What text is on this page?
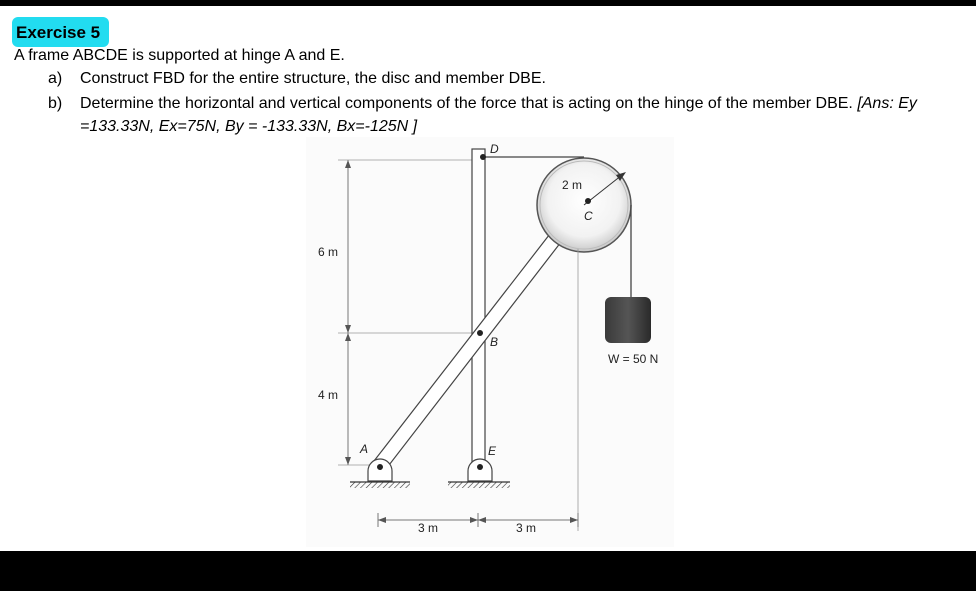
Exercise 5
A frame ABCDE is supported at hinge A and E.
a) Construct FBD for the entire structure, the disc and member DBE.
b) Determine the horizontal and vertical components of the force that is acting on the hinge of the member DBE. [Ans: Ey
=133.33N, Ex=75N, By = -133.33N, Bx=-125N ]
6 m
4 m
2 m
W = 50 N
3 m	3 m
D
C
B
A	E
